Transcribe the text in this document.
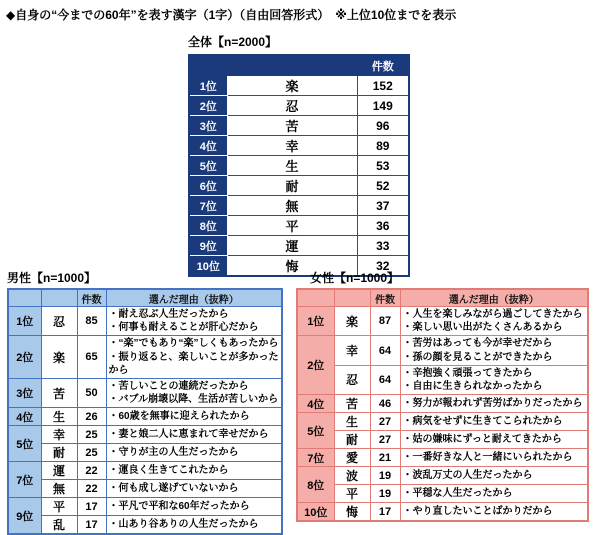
◆自身の“今までの60年”を表す漢字（1字）（自由回答形式）　※上位10位までを表示
全体【n=2000】
		件数
1位	楽	152
2位	忍	149
3位	苦	96
4位	幸	89
5位	生	53
6位	耐	52
7位	無	37
8位	平	36
9位	運	33
10位	悔	32
男性【n=1000】
		件数	選んだ理由（抜粋）
1位	忍	85	・耐え忍ぶ人生だったから
・何事も耐えることが肝心だから

2位	楽	65	・“楽”でもあり“楽”しくもあったから
・振り返ると、楽しいことが多かったから

3位	苦	50	・苦しいことの連続だったから
・バブル崩壊以降、生活が苦しいから

4位	生	26	・60歳を無事に迎えられたから

5位	幸	25	・妻と娘二人に恵まれて幸せだから

	耐	25	・守りが主の人生だったから

7位	運	22	・運良く生きてこれたから

	無	22	・何も成し遂げていないから

9位	平	17	・平凡で平和な60年だったから

	乱	17	・山あり谷ありの人生だったから
女性【n=1000】
		件数	選んだ理由（抜粋）
1位	楽	87	・人生を楽しみながら過ごしてきたから
・楽しい思い出がたくさんあるから

2位	幸	64	・苦労はあっても今が幸せだから
・孫の顔を見ることができたから

	忍	64	・辛抱強く頑張ってきたから
・自由に生きられなかったから

4位	苦	46	・努力が報われず苦労ばかりだったから

5位	生	27	・病気をせずに生きてこられたから

	耐	27	・姑の嫌味にずっと耐えてきたから

7位	愛	21	・一番好きな人と一緒にいられたから

8位	波	19	・波乱万丈の人生だったから

	平	19	・平穏な人生だったから

10位	悔	17	・やり直したいことばかりだから
